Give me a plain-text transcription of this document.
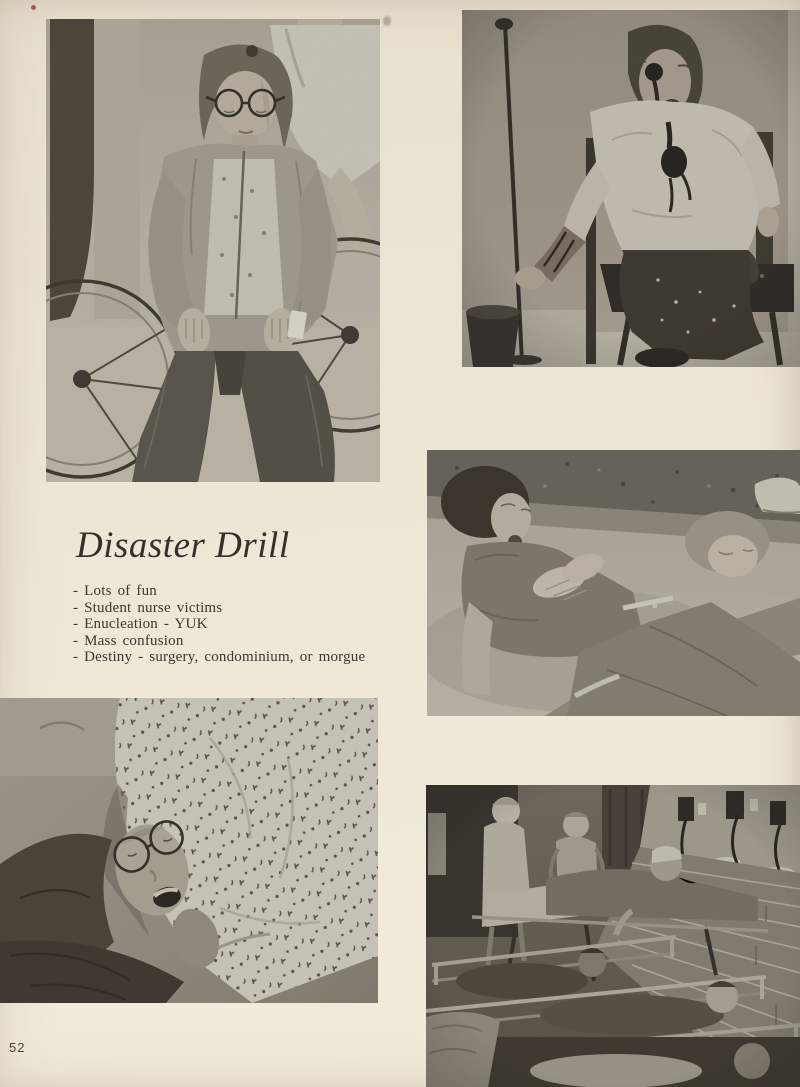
Disaster Drill
- Lots of fun
- Student nurse victims
- Enucleation - YUK
- Mass confusion
- Destiny - surgery, condominium, or morgue
52
